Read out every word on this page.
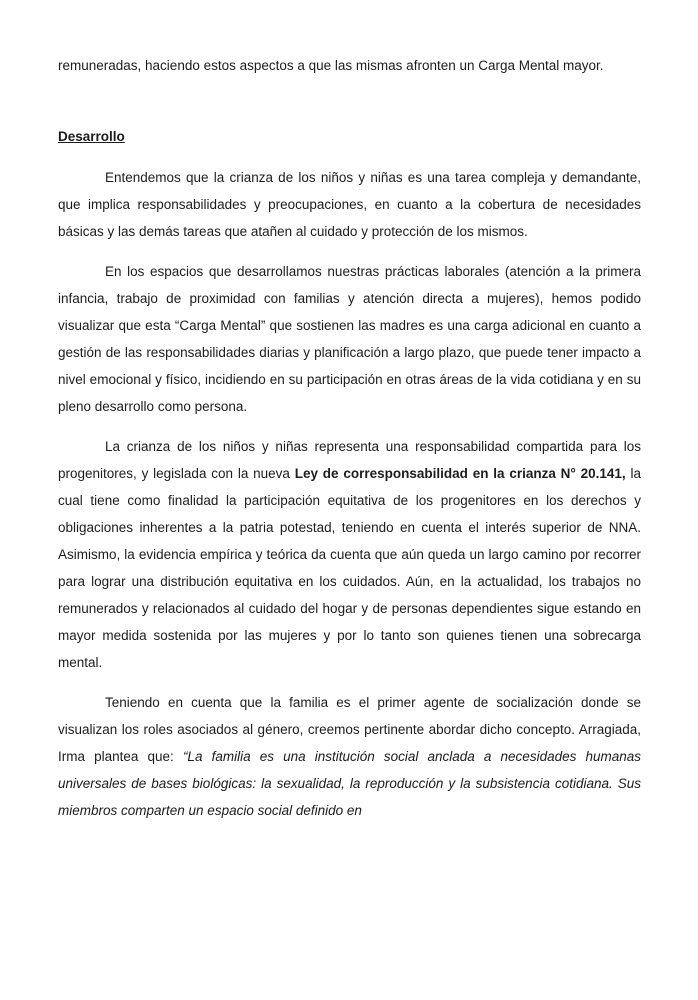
remuneradas, haciendo estos aspectos a que las mismas afronten un Carga Mental mayor.

Desarrollo

Entendemos que la crianza de los niños y niñas es una tarea compleja y demandante, que implica responsabilidades y preocupaciones, en cuanto a la cobertura de necesidades básicas y las demás tareas que atañen al cuidado y protección de los mismos.

En los espacios que desarrollamos nuestras prácticas laborales (atención a la primera infancia, trabajo de proximidad con familias y atención directa a mujeres), hemos podido visualizar que esta “Carga Mental” que sostienen las madres es una carga adicional en cuanto a gestión de las responsabilidades diarias y planificación a largo plazo, que puede tener impacto a nivel emocional y físico, incidiendo en su participación en otras áreas de la vida cotidiana y en su pleno desarrollo como persona.

La crianza de los niños y niñas representa una responsabilidad compartida para los progenitores, y legislada con la nueva Ley de corresponsabilidad en la crianza N° 20.141, la cual tiene como finalidad la participación equitativa de los progenitores en los derechos y obligaciones inherentes a la patria potestad, teniendo en cuenta el interés superior de NNA. Asimismo, la evidencia empírica y teórica da cuenta que aún queda un largo camino por recorrer para lograr una distribución equitativa en los cuidados. Aún, en la actualidad, los trabajos no remunerados y relacionados al cuidado del hogar y de personas dependientes sigue estando en mayor medida sostenida por las mujeres y por lo tanto son quienes tienen una sobrecarga mental.

Teniendo en cuenta que la familia es el primer agente de socialización donde se visualizan los roles asociados al género, creemos pertinente abordar dicho concepto. Arragiada, Irma plantea que: “La familia es una institución social anclada a necesidades humanas universales de bases biológicas: la sexualidad, la reproducción y la subsistencia cotidiana. Sus miembros comparten un espacio social definido en
